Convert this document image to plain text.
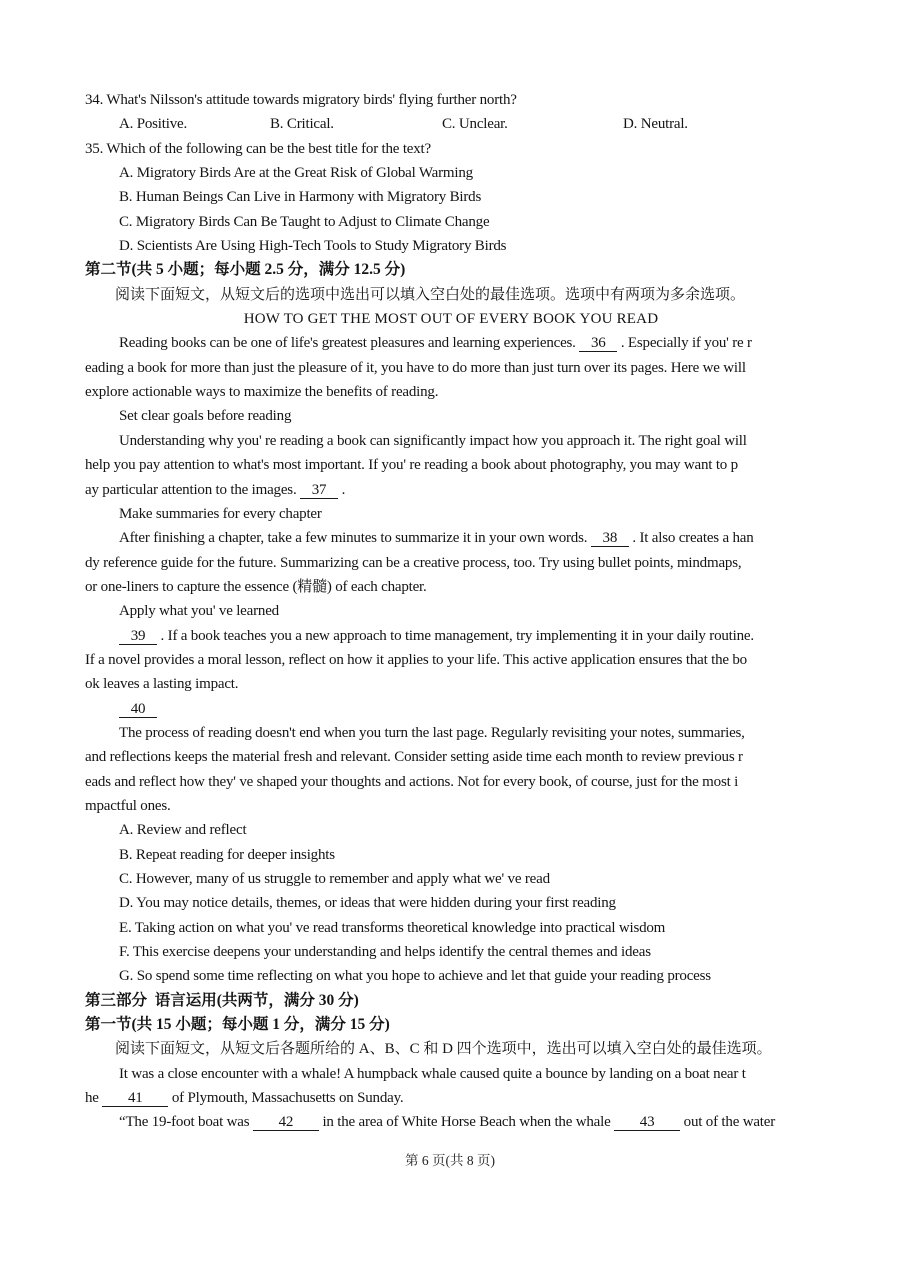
34. What's Nilsson's attitude towards migratory birds' flying further north?
A. Positive.	B. Critical.	C. Unclear.	D. Neutral.
35. Which of the following can be the best title for the text?
A. Migratory Birds Are at the Great Risk of Global Warming
B. Human Beings Can Live in Harmony with Migratory Birds
C. Migratory Birds Can Be Taught to Adjust to Climate Change
D. Scientists Are Using High-Tech Tools to Study Migratory Birds
第二节(共 5 小题；每小题 2.5 分，满分 12.5 分)
阅读下面短文，从短文后的选项中选出可以填入空白处的最佳选项。选项中有两项为多余选项。
HOW TO GET THE MOST OUT OF EVERY BOOK YOU READ
Reading books can be one of life's greatest pleasures and learning experiences. 36 . Especially if you' re r
eading a book for more than just the pleasure of it, you have to do more than just turn over its pages. Here we will
explore actionable ways to maximize the benefits of reading.
Set clear goals before reading
Understanding why you' re reading a book can significantly impact how you approach it. The right goal will
help you pay attention to what's most important. If you' re reading a book about photography, you may want to p
ay particular attention to the images. 37 .
Make summaries for every chapter
After finishing a chapter, take a few minutes to summarize it in your own words. 38 . It also creates a han
dy reference guide for the future. Summarizing can be a creative process, too. Try using bullet points, mindmaps,
or one-liners to capture the essence (精髓) of each chapter.
Apply what you' ve learned
39 . If a book teaches you a new approach to time management, try implementing it in your daily routine.
If a novel provides a moral lesson, reflect on how it applies to your life. This active application ensures that the bo
ok leaves a lasting impact.
40
The process of reading doesn't end when you turn the last page. Regularly revisiting your notes, summaries,
and reflections keeps the material fresh and relevant. Consider setting aside time each month to review previous r
eads and reflect how they' ve shaped your thoughts and actions. Not for every book, of course, just for the most i
mpactful ones.
A. Review and reflect
B. Repeat reading for deeper insights
C. However, many of us struggle to remember and apply what we' ve read
D. You may notice details, themes, or ideas that were hidden during your first reading
E. Taking action on what you' ve read transforms theoretical knowledge into practical wisdom
F. This exercise deepens your understanding and helps identify the central themes and ideas
G. So spend some time reflecting on what you hope to achieve and let that guide your reading process
第三部分  语言运用(共两节，满分 30 分)
第一节(共 15 小题；每小题 1 分，满分 15 分)
阅读下面短文，从短文后各题所给的 A、B、C 和 D 四个选项中，选出可以填入空白处的最佳选项。
It was a close encounter with a whale! A humpback whale caused quite a bounce by landing on a boat near t
he 41 of Plymouth, Massachusetts on Sunday.
“The 19-foot boat was 42 in the area of White Horse Beach when the whale 43 out of the water
第 6 页(共 8 页)
